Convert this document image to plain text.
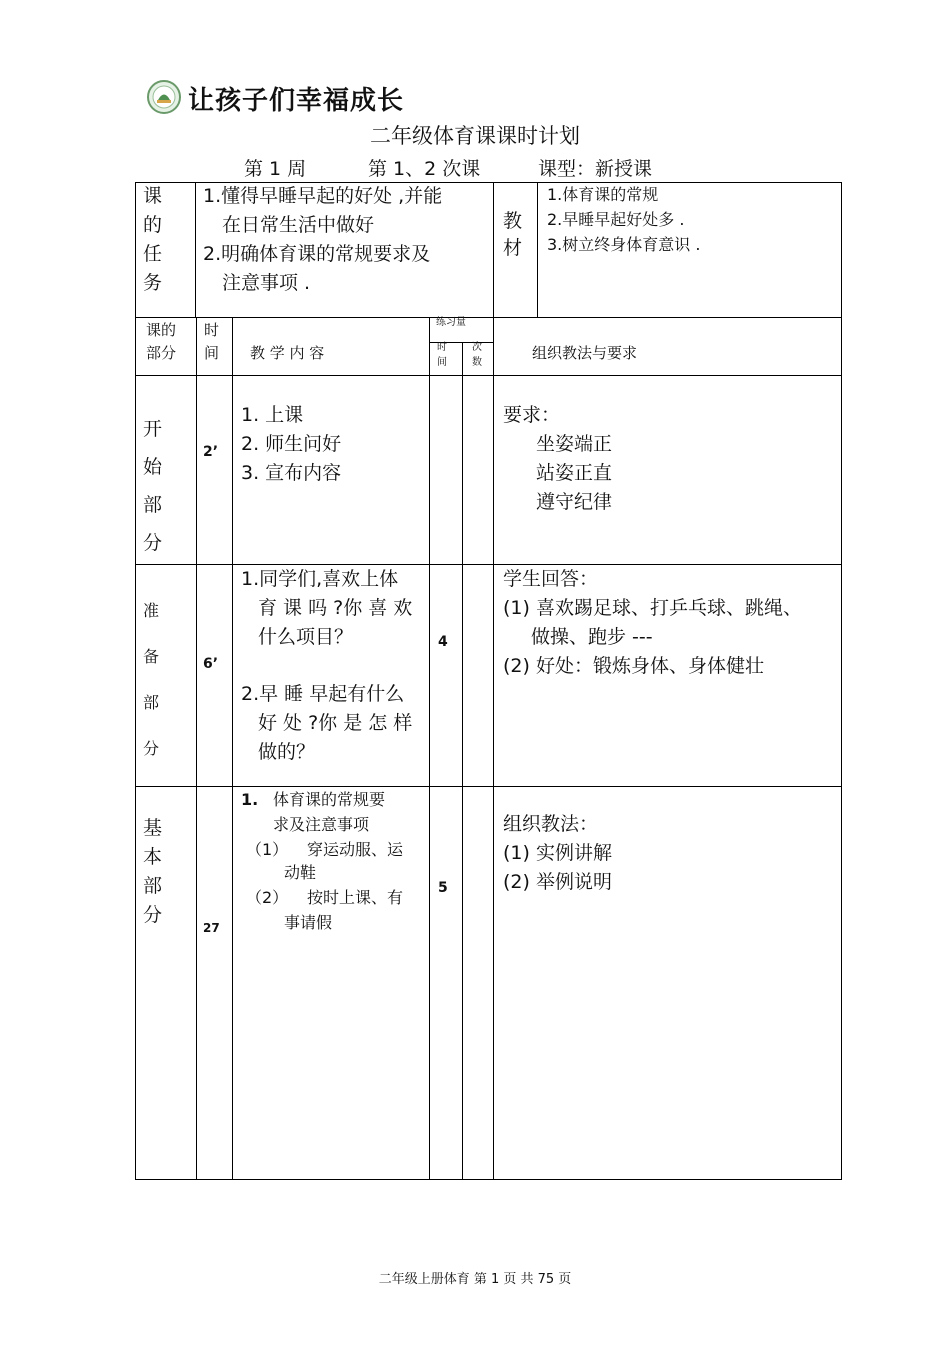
让孩子们幸福成长
二年级体育课课时计划
第 1 周	第 1、2 次课	课型：新授课
课的任务
1.懂得早睡早起的好处 ,并能
在日常生活中做好
2.明确体育课的常规要求及
注意事项 .
教材
1.体育课的常规
2.早睡早起好处多 .
3.树立终身体育意识 .
课的
部分
时
间 教 学 内 容
练习量
时
间
次
数
组织教法与要求
开始部分
2’
1. 上课
2. 师生问好
3. 宣布内容
要求：
坐姿端正
站姿正直
遵守纪律
准备部分
6’
1.同学们,喜欢上体
育 课 吗 ?你 喜 欢
什么项目？
2.早 睡 早起有什么
好 处 ?你 是 怎 样
做的？
4
学生回答：
(1) 喜欢踢足球、打乒乓球、跳绳、
做操、跑步 ---
(2) 好处：锻炼身体、身体健壮
基本部分
27
1. 体育课的常规要
求及注意事项
（1） 穿运动服、运
动鞋
（2） 按时上课、有
事请假
5
组织教法：
(1) 实例讲解
(2) 举例说明
二年级上册体育 第 1 页 共 75 页
